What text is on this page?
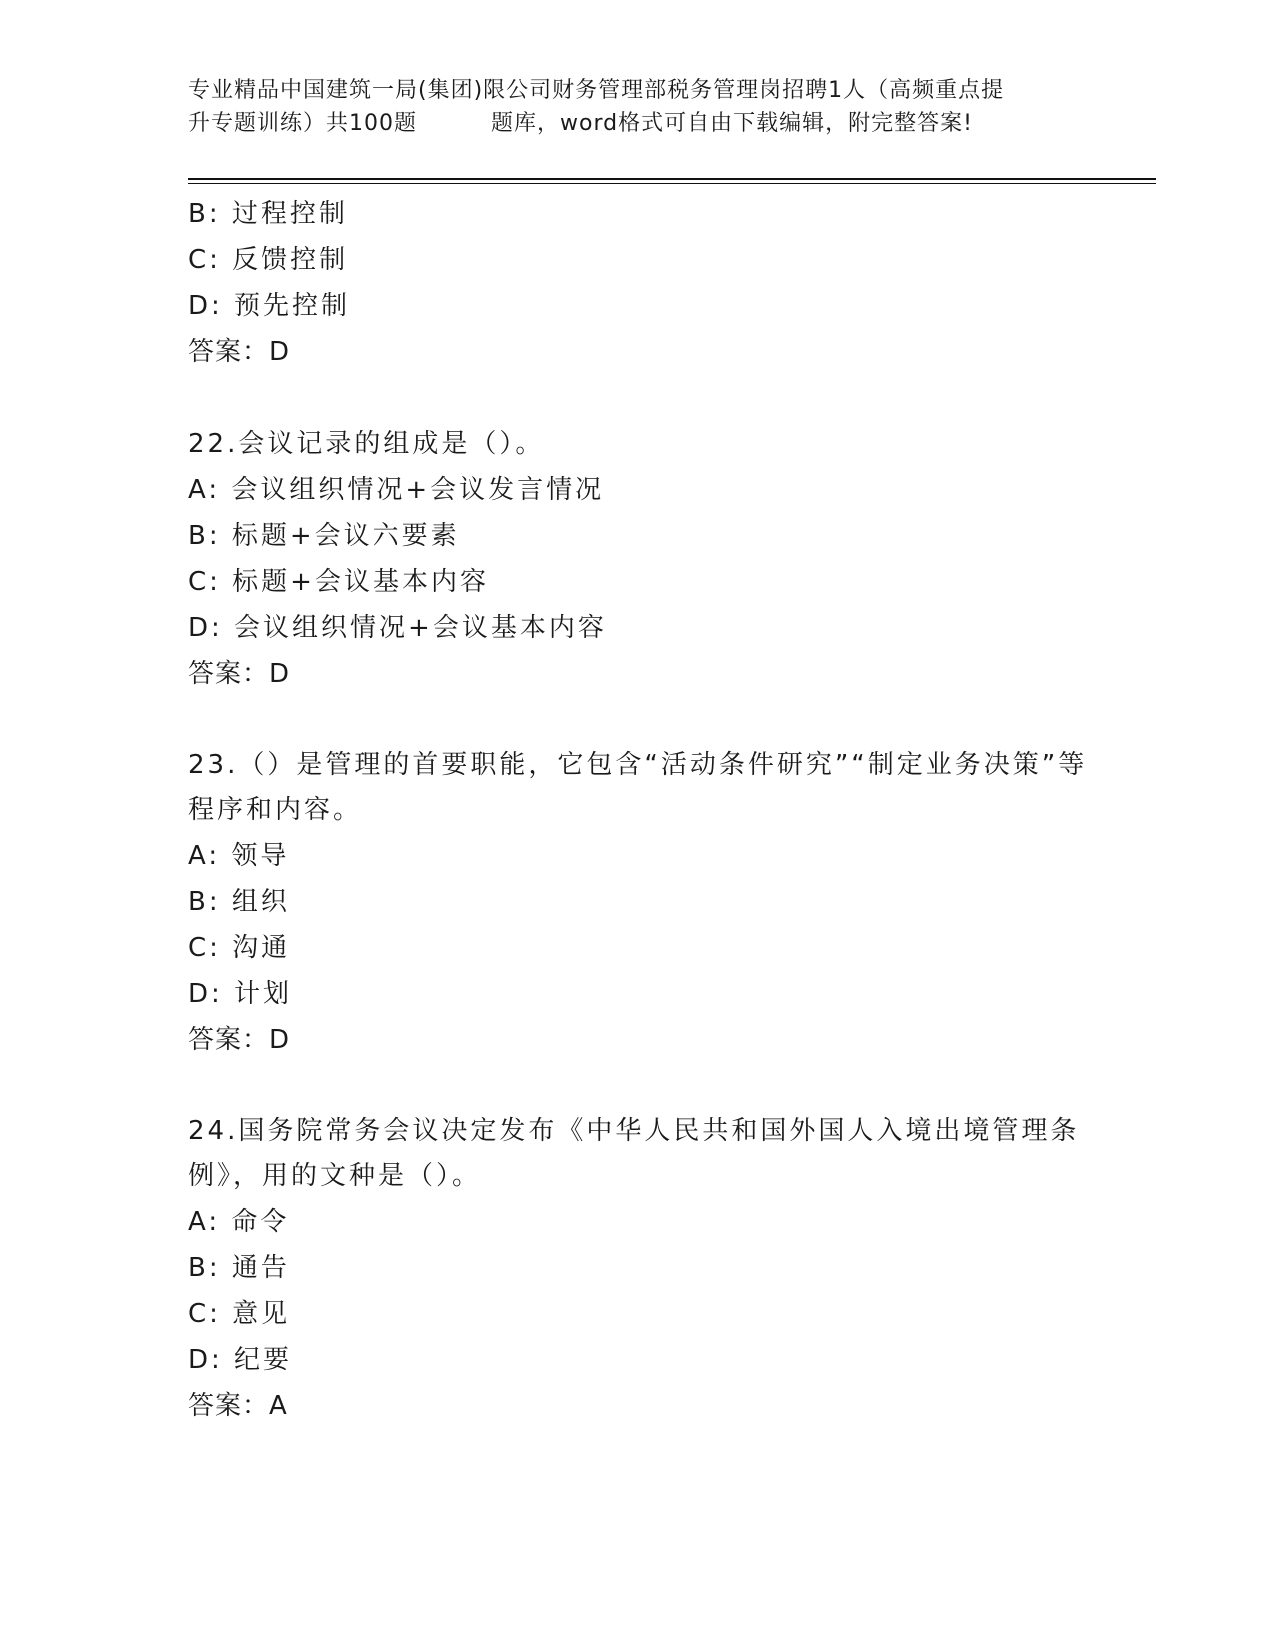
专业精品中国建筑一局(集团)限公司财务管理部税务管理岗招聘1人（高频重点提
升专题训练）共100题	题库，word格式可自由下载编辑，附完整答案!
B: 过程控制
C: 反馈控制
D: 预先控制
答案：D
22.会议记录的组成是（）。
A: 会议组织情况+会议发言情况
B: 标题+会议六要素
C: 标题+会议基本内容
D: 会议组织情况+会议基本内容
答案：D
23.（）是管理的首要职能，它包含“活动条件研究”“制定业务决策”等程序和内容。
A: 领导
B: 组织
C: 沟通
D: 计划
答案：D
24.国务院常务会议决定发布《中华人民共和国外国人入境出境管理条例》，用的文种是（）。
A: 命令
B: 通告
C: 意见
D: 纪要
答案：A
